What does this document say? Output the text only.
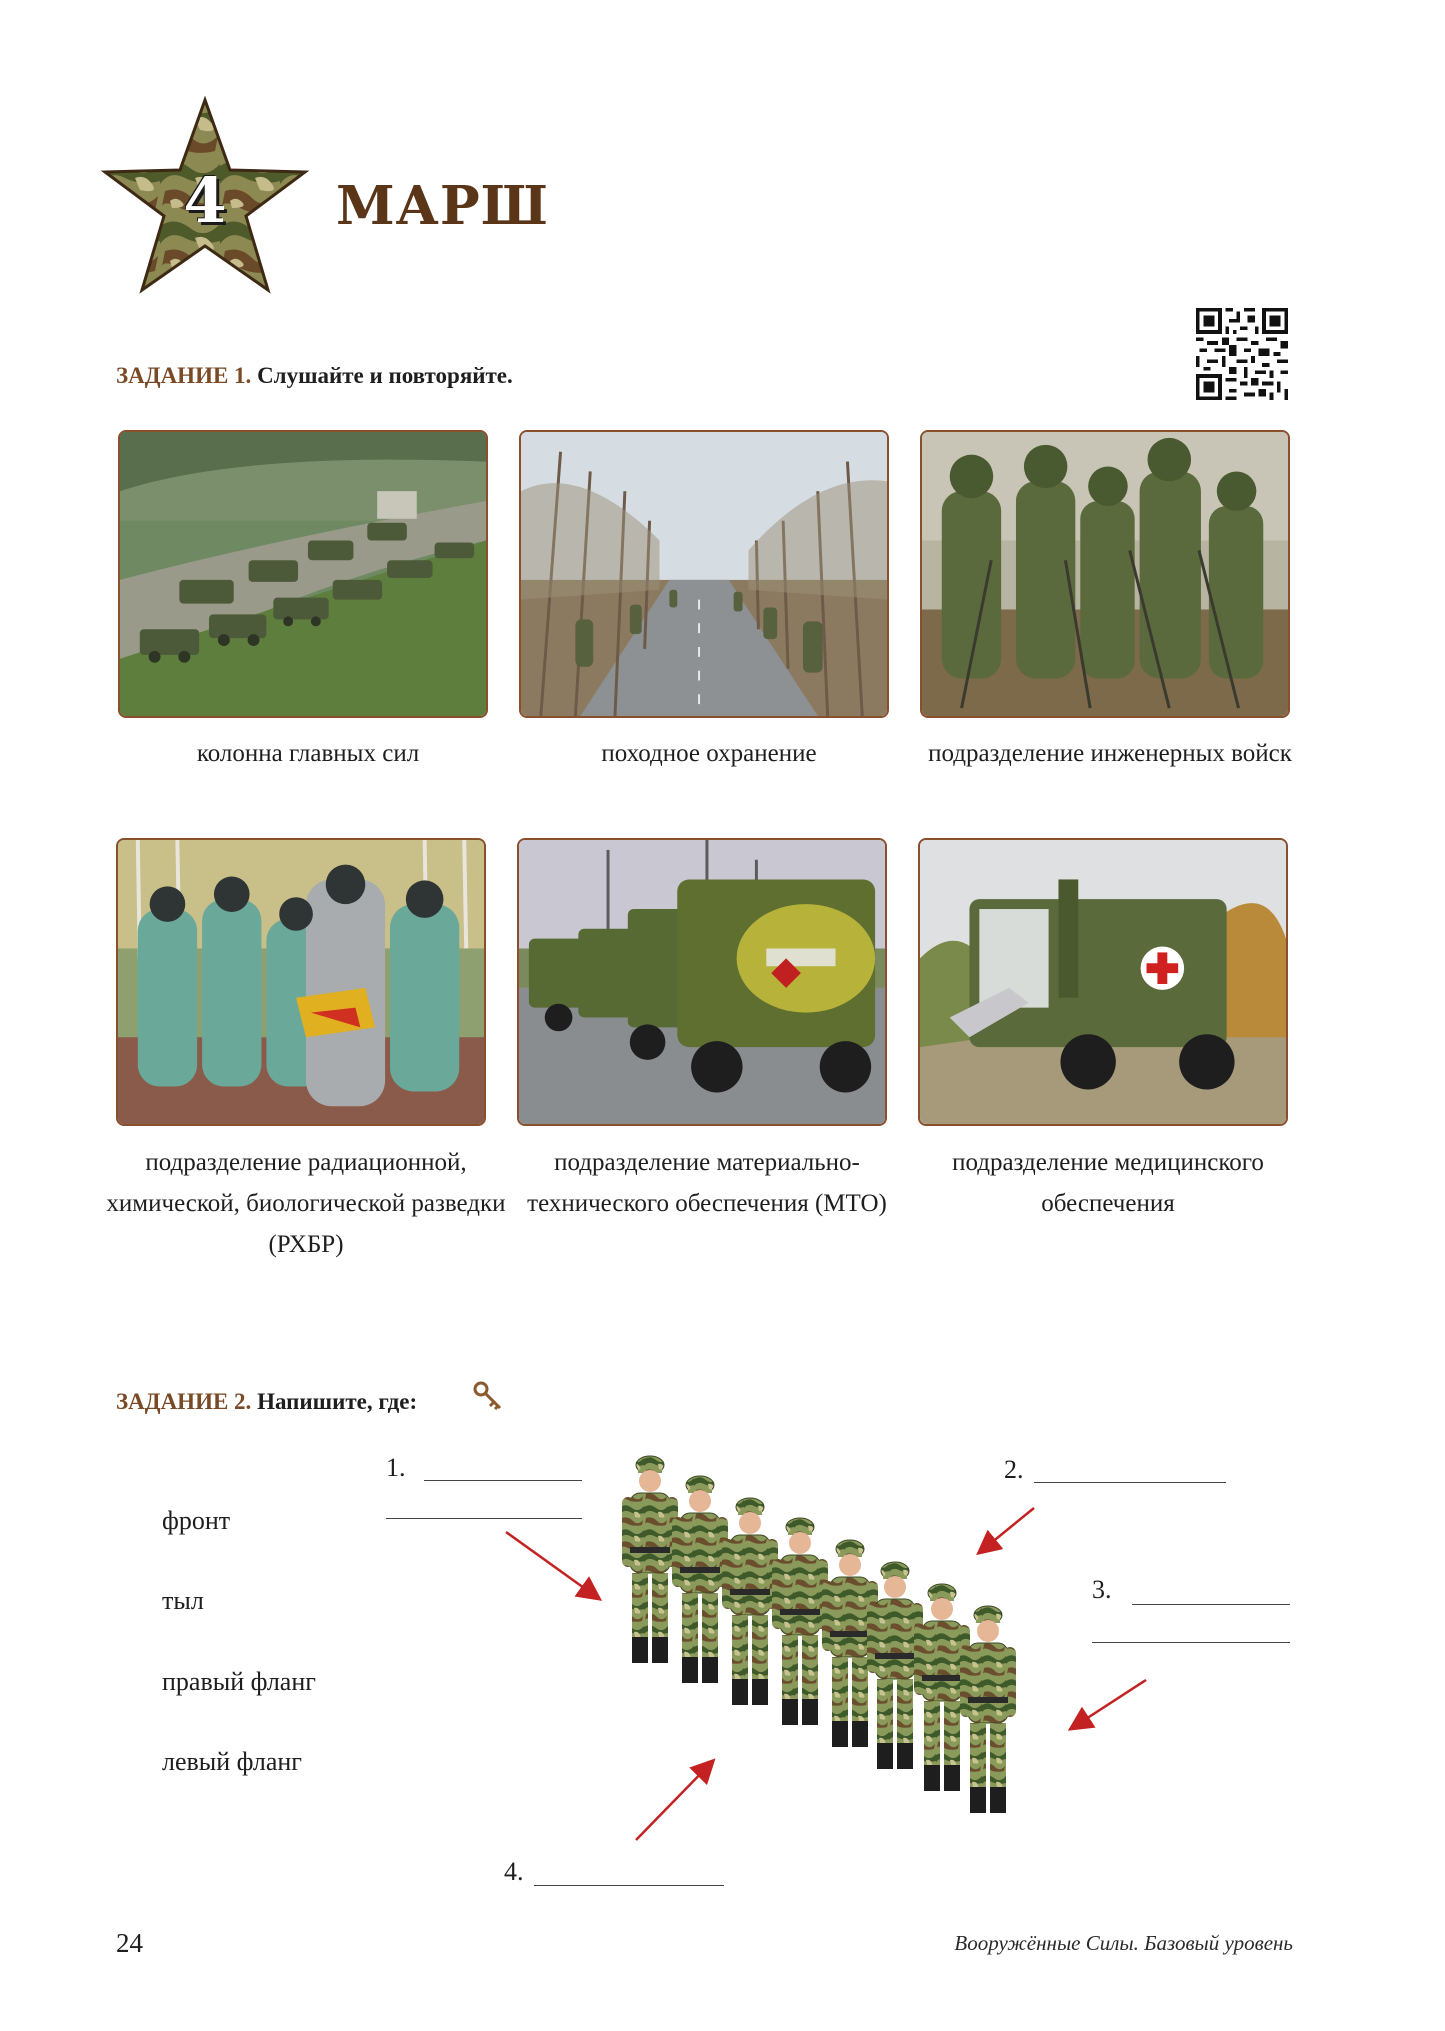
4	МАРШ
ЗАДАНИЕ 1. Слушайте и повторяйте.
колонна главных сил	походное охранение	подразделение инженерных войск
подразделение радиационной, химической, биологической разведки (РХБР)
подразделение материально-технического обеспечения (МТО)
подразделение медицинского обеспечения
ЗАДАНИЕ 2. Напишите, где:
фронт
тыл
правый фланг
левый фланг
1.	2.
3.
4.
24	Вооружённые Силы. Базовый уровень
